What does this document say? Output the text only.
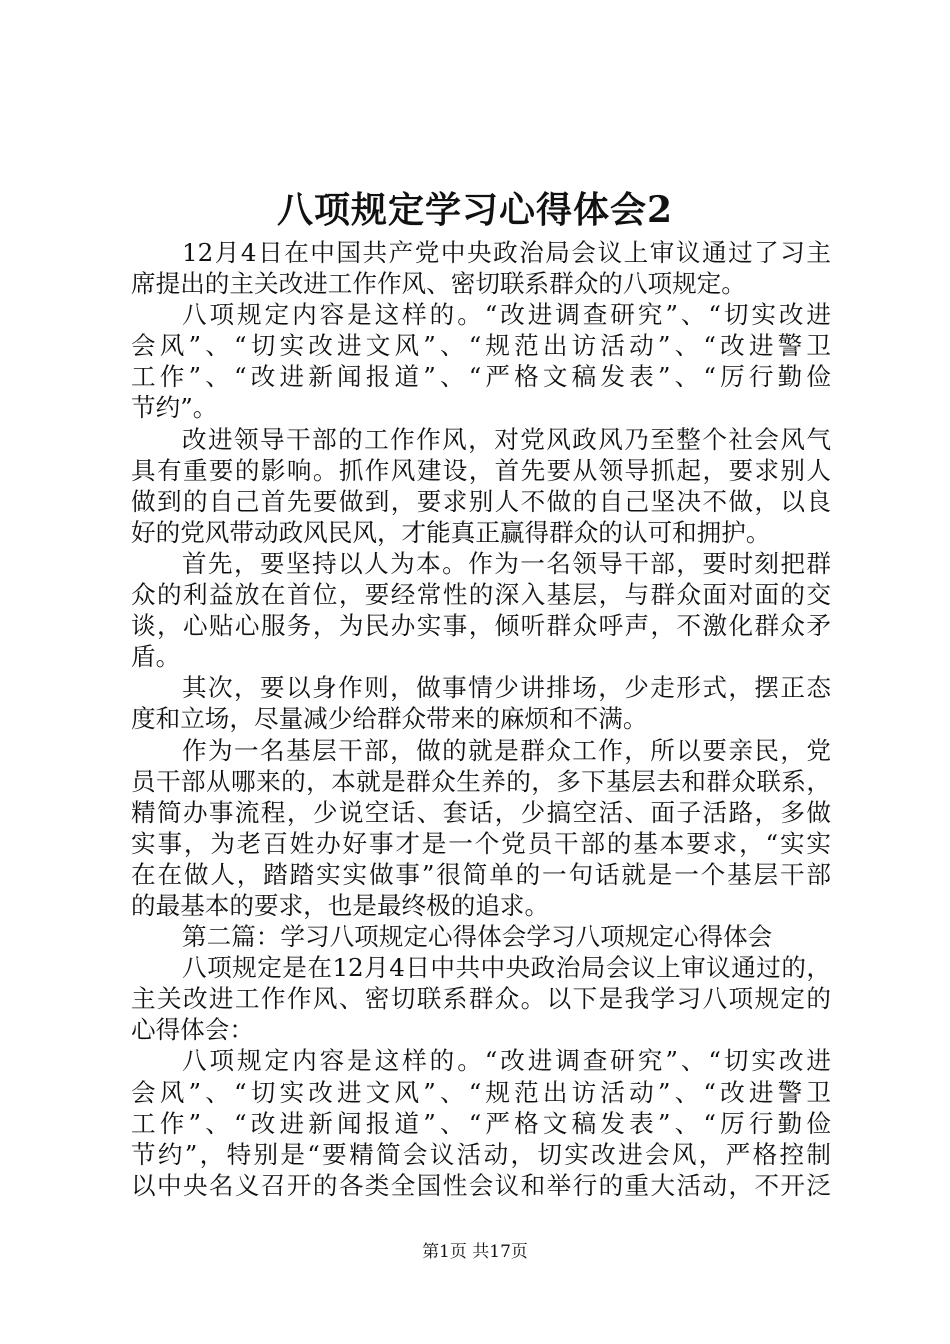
八项规定学习心得体会2
12月4日在中国共产党中央政治局会议上审议通过了习主
席提出的主关改进工作作风、密切联系群众的八项规定。
八项规定内容是这样的。“改进调查研究”、“切实改进
会风”、“切实改进文风”、“规范出访活动”、“改进警卫
工作”、“改进新闻报道”、“严格文稿发表”、“厉行勤俭
节约”。
改进领导干部的工作作风，对党风政风乃至整个社会风气
具有重要的影响。抓作风建设，首先要从领导抓起，要求别人
做到的自己首先要做到，要求别人不做的自己坚决不做，以良
好的党风带动政风民风，才能真正赢得群众的认可和拥护。
首先，要坚持以人为本。作为一名领导干部，要时刻把群
众的利益放在首位，要经常性的深入基层，与群众面对面的交
谈，心贴心服务，为民办实事，倾听群众呼声，不激化群众矛
盾。
其次，要以身作则，做事情少讲排场，少走形式，摆正态
度和立场，尽量减少给群众带来的麻烦和不满。
作为一名基层干部，做的就是群众工作，所以要亲民，党
员干部从哪来的，本就是群众生养的，多下基层去和群众联系，
精简办事流程，少说空话、套话，少搞空活、面子活路，多做
实事，为老百姓办好事才是一个党员干部的基本要求，“实实
在在做人，踏踏实实做事”很简单的一句话就是一个基层干部
的最基本的要求，也是最终极的追求。
第二篇：学习八项规定心得体会学习八项规定心得体会
八项规定是在12月4日中共中央政治局会议上审议通过的，
主关改进工作作风、密切联系群众。以下是我学习八项规定的
心得体会：
八项规定内容是这样的。“改进调查研究”、“切实改进
会风”、“切实改进文风”、“规范出访活动”、“改进警卫
工作”、“改进新闻报道”、“严格文稿发表”、“厉行勤俭
节约”，特别是“要精简会议活动，切实改进会风，严格控制
以中央名义召开的各类全国性会议和举行的重大活动，不开泛
第1页 共17页
